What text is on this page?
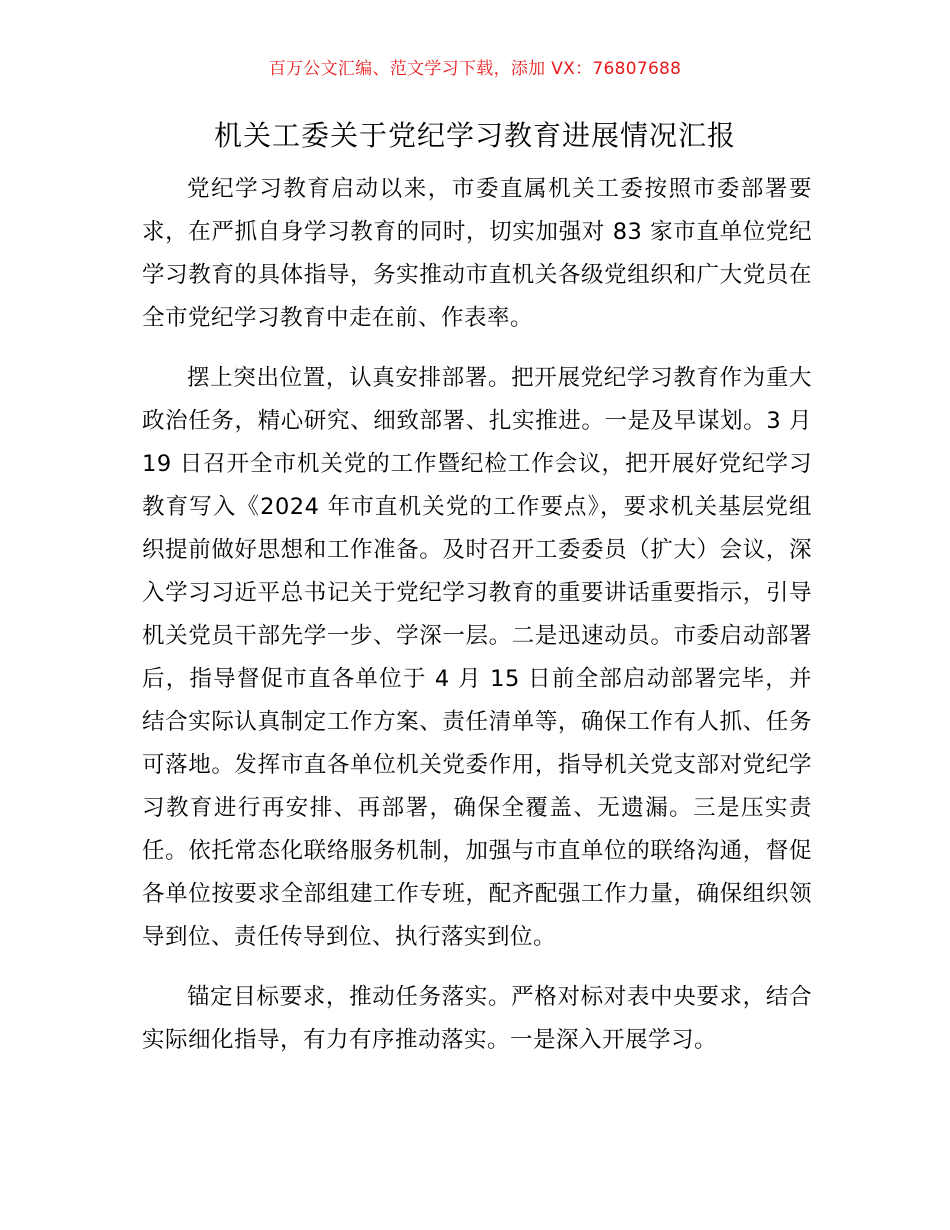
百万公文汇编、范文学习下载，添加 VX：76807688
机关工委关于党纪学习教育进展情况汇报

党纪学习教育启动以来，市委直属机关工委按照市委部署要求，在严抓自身学习教育的同时，切实加强对 83 家市直单位党纪学习教育的具体指导，务实推动市直机关各级党组织和广大党员在全市党纪学习教育中走在前、作表率。

摆上突出位置，认真安排部署。把开展党纪学习教育作为重大政治任务，精心研究、细致部署、扎实推进。一是及早谋划。3 月 19 日召开全市机关党的工作暨纪检工作会议，把开展好党纪学习教育写入《2024 年市直机关党的工作要点》，要求机关基层党组织提前做好思想和工作准备。及时召开工委委员（扩大）会议，深入学习习近平总书记关于党纪学习教育的重要讲话重要指示，引导机关党员干部先学一步、学深一层。二是迅速动员。市委启动部署后，指导督促市直各单位于 4 月 15 日前全部启动部署完毕，并结合实际认真制定工作方案、责任清单等，确保工作有人抓、任务可落地。发挥市直各单位机关党委作用，指导机关党支部对党纪学习教育进行再安排、再部署，确保全覆盖、无遗漏。三是压实责任。依托常态化联络服务机制，加强与市直单位的联络沟通，督促各单位按要求全部组建工作专班，配齐配强工作力量，确保组织领导到位、责任传导到位、执行落实到位。

锚定目标要求，推动任务落实。严格对标对表中央要求，结合实际细化指导，有力有序推动落实。一是深入开展学习。
